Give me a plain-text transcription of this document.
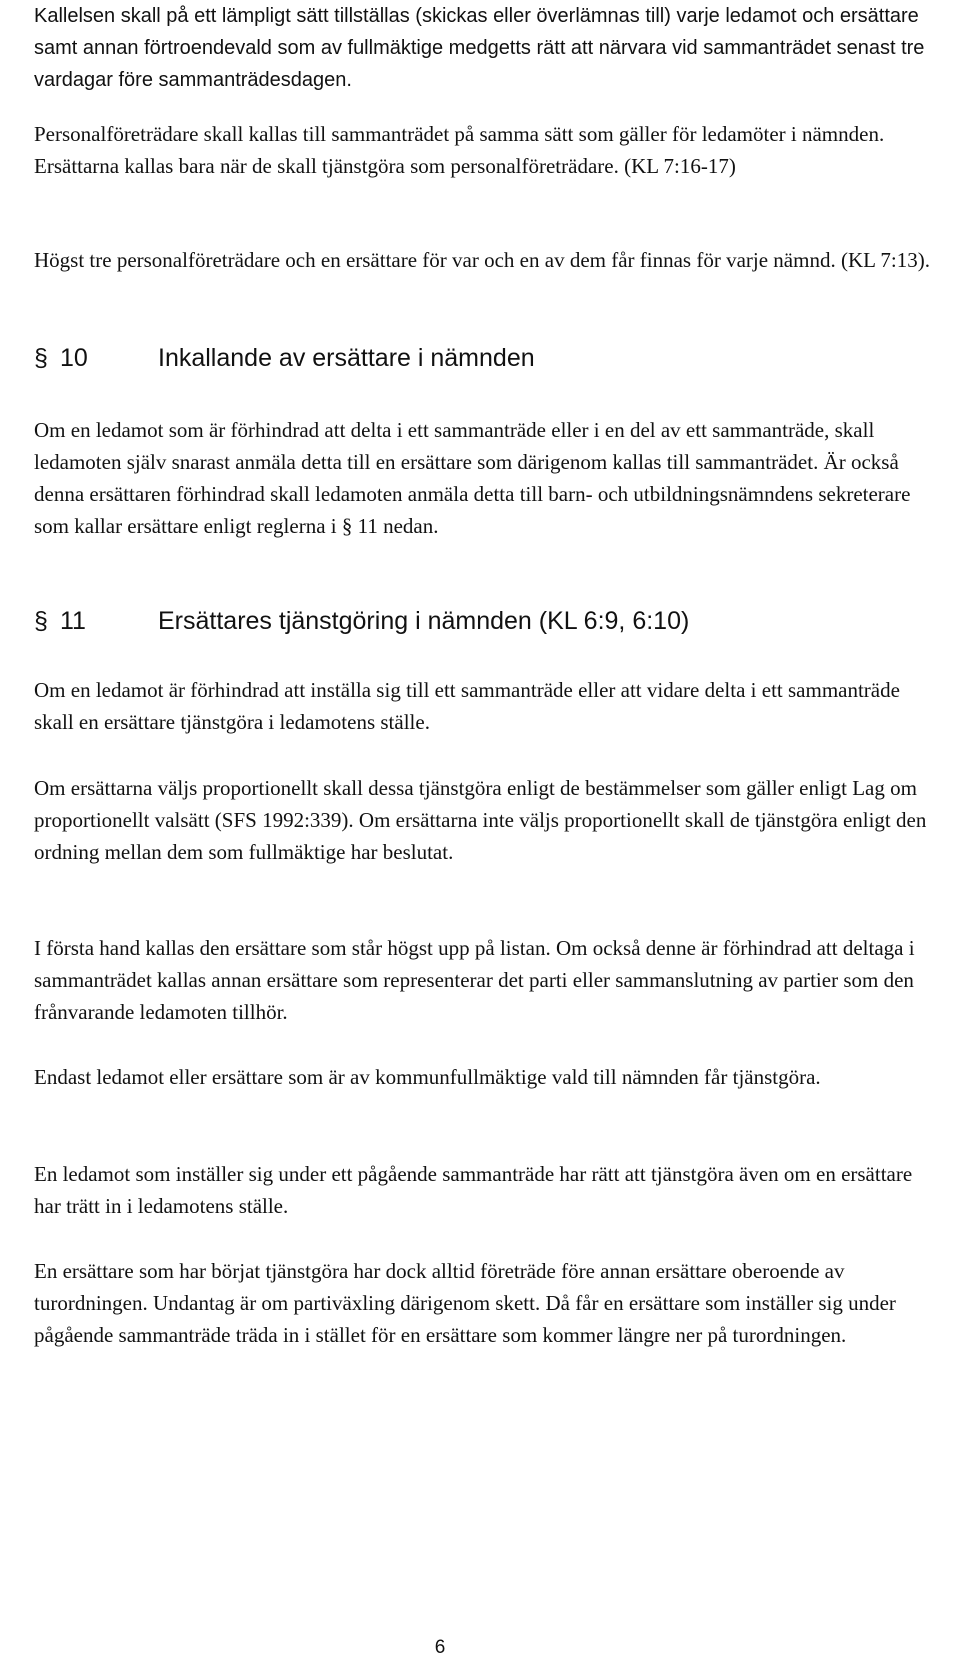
Kallelsen skall på ett lämpligt sätt tillställas (skickas eller överlämnas till) varje ledamot och ersättare samt annan förtroendevald som av fullmäktige medgetts rätt att närvara vid sammanträdet senast tre vardagar före sammanträdesdagen.

Personalföreträdare skall kallas till sammanträdet på samma sätt som gäller för ledamöter i nämnden. Ersättarna kallas bara när de skall tjänstgöra som personalföreträdare. (KL 7:16-17)

Högst tre personalföreträdare och en ersättare för var och en av dem får finnas för varje nämnd. (KL 7:13).

§ 10	Inkallande av ersättare i nämnden

Om en ledamot som är förhindrad att delta i ett sammanträde eller i en del av ett sammanträde, skall ledamoten själv snarast anmäla detta till en ersättare som därigenom kallas till sammanträdet. Är också denna ersättaren förhindrad skall ledamoten anmäla detta till barn- och utbildningsnämndens sekreterare som kallar ersättare enligt reglerna i § 11 nedan.

§ 11	Ersättares tjänstgöring i nämnden (KL 6:9, 6:10)

Om en ledamot är förhindrad att inställa sig till ett sammanträde eller att vidare delta i ett sammanträde skall en ersättare tjänstgöra i ledamotens ställe.

Om ersättarna väljs proportionellt skall dessa tjänstgöra enligt de bestämmelser som gäller enligt Lag om proportionellt valsätt (SFS 1992:339). Om ersättarna inte väljs proportionellt skall de tjänstgöra enligt den ordning mellan dem som fullmäktige har beslutat.

I första hand kallas den ersättare som står högst upp på listan. Om också denne är förhindrad att deltaga i sammanträdet kallas annan ersättare som representerar det parti eller sammanslutning av partier som den frånvarande ledamoten tillhör.

Endast ledamot eller ersättare som är av kommunfullmäktige vald till nämnden får tjänstgöra.

En ledamot som inställer sig under ett pågående sammanträde har rätt att tjänstgöra även om en ersättare har trätt in i ledamotens ställe.

En ersättare som har börjat tjänstgöra har dock alltid företräde före annan ersättare oberoende av turordningen. Undantag är om partiväxling därigenom skett. Då får en ersättare som inställer sig under pågående sammanträde träda in i stället för en ersättare som kommer längre ner på turordningen.

6
